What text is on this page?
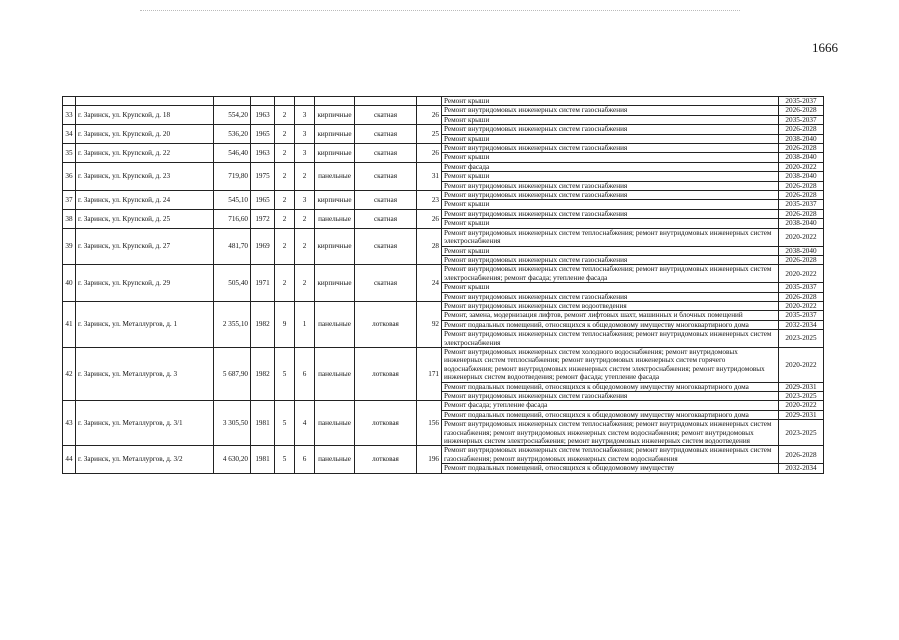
1666
									Ремонт крыши	2035-2037
33	г. Заринск, ул. Крупской, д. 18	554,20	1963	2	3	кирпичные	скатная	26	Ремонт внутридомовых инженерных систем газоснабжения	2026-2028
									Ремонт крыши	2035-2037
34	г. Заринск, ул. Крупской, д. 20	536,20	1965	2	3	кирпичные	скатная	25	Ремонт внутридомовых инженерных систем газоснабжения	2026-2028
									Ремонт крыши	2038-2040
35	г. Заринск, ул. Крупской, д. 22	546,40	1963	2	3	кирпичные	скатная	26	Ремонт внутридомовых инженерных систем газоснабжения	2026-2028
									Ремонт крыши	2038-2040
36	г. Заринск, ул. Крупской, д. 23	719,80	1975	2	2	панельные	скатная	31	Ремонт фасада	2020-2022
									Ремонт крыши	2038-2040
									Ремонт внутридомовых инженерных систем газоснабжения	2026-2028
37	г. Заринск, ул. Крупской, д. 24	545,10	1965	2	3	кирпичные	скатная	23	Ремонт внутридомовых инженерных систем газоснабжения	2026-2028
									Ремонт крыши	2035-2037
38	г. Заринск, ул. Крупской, д. 25	716,60	1972	2	2	панельные	скатная	26	Ремонт внутридомовых инженерных систем газоснабжения	2026-2028
									Ремонт крыши	2038-2040
39	г. Заринск, ул. Крупской, д. 27	481,70	1969	2	2	кирпичные	скатная	28	Ремонт внутридомовых инженерных систем теплоснабжения; ремонт внутридомовых инженерных систем электроснабжения	2020-2022
									Ремонт крыши	2038-2040
									Ремонт внутридомовых инженерных систем газоснабжения	2026-2028
40	г. Заринск, ул. Крупской, д. 29	505,40	1971	2	2	кирпичные	скатная	24	Ремонт внутридомовых инженерных систем теплоснабжения; ремонт внутридомовых инженерных систем электроснабжения; ремонт фасада; утепление фасада	2020-2022
									Ремонт крыши	2035-2037
									Ремонт внутридомовых инженерных систем газоснабжения	2026-2028
41	г. Заринск, ул. Металлургов, д. 1	2 355,10	1982	9	1	панельные	лотковая	92	Ремонт внутридомовых инженерных систем водоотведения	2020-2022
									Ремонт, замена, модернизация лифтов, ремонт лифтовых шахт, машинных и блочных помещений	2035-2037
									Ремонт подвальных помещений, относящихся к общедомовому имуществу многоквартирного дома	2032-2034
									Ремонт внутридомовых инженерных систем теплоснабжения; ремонт внутридомовых инженерных систем электроснабжения	2023-2025
42	г. Заринск, ул. Металлургов, д. 3	5 687,90	1982	5	6	панельные	лотковая	171	Ремонт внутридомовых инженерных систем холодного водоснабжения; ремонт внутридомовых инженерных систем теплоснабжения; ремонт внутридомовых инженерных систем горячего водоснабжения; ремонт внутридомовых инженерных систем электроснабжения; ремонт внутридомовых инженерных систем водоотведения; ремонт фасада; утепление фасада	2020-2022
									Ремонт подвальных помещений, относящихся к общедомовому имуществу многоквартирного дома	2029-2031
									Ремонт внутридомовых инженерных систем газоснабжения	2023-2025
43	г. Заринск, ул. Металлургов, д. 3/1	3 305,50	1981	5	4	панельные	лотковая	156	Ремонт фасада; утепление фасада	2020-2022
									Ремонт подвальных помещений, относящихся к общедомовому имуществу многоквартирного дома	2029-2031
									Ремонт внутридомовых инженерных систем теплоснабжения; ремонт внутридомовых инженерных систем газоснабжения; ремонт внутридомовых инженерных систем водоснабжения; ремонт внутридомовых инженерных систем электроснабжения; ремонт внутридомовых инженерных систем водоотведения	2023-2025
44	г. Заринск, ул. Металлургов, д. 3/2	4 630,20	1981	5	6	панельные	лотковая	196	Ремонт внутридомовых инженерных систем теплоснабжения; ремонт внутридомовых инженерных систем газоснабжения; ремонт внутридомовых инженерных систем водоснабжения	2026-2028
									Ремонт подвальных помещений, относящихся к общедомовому имуществу	2032-2034
